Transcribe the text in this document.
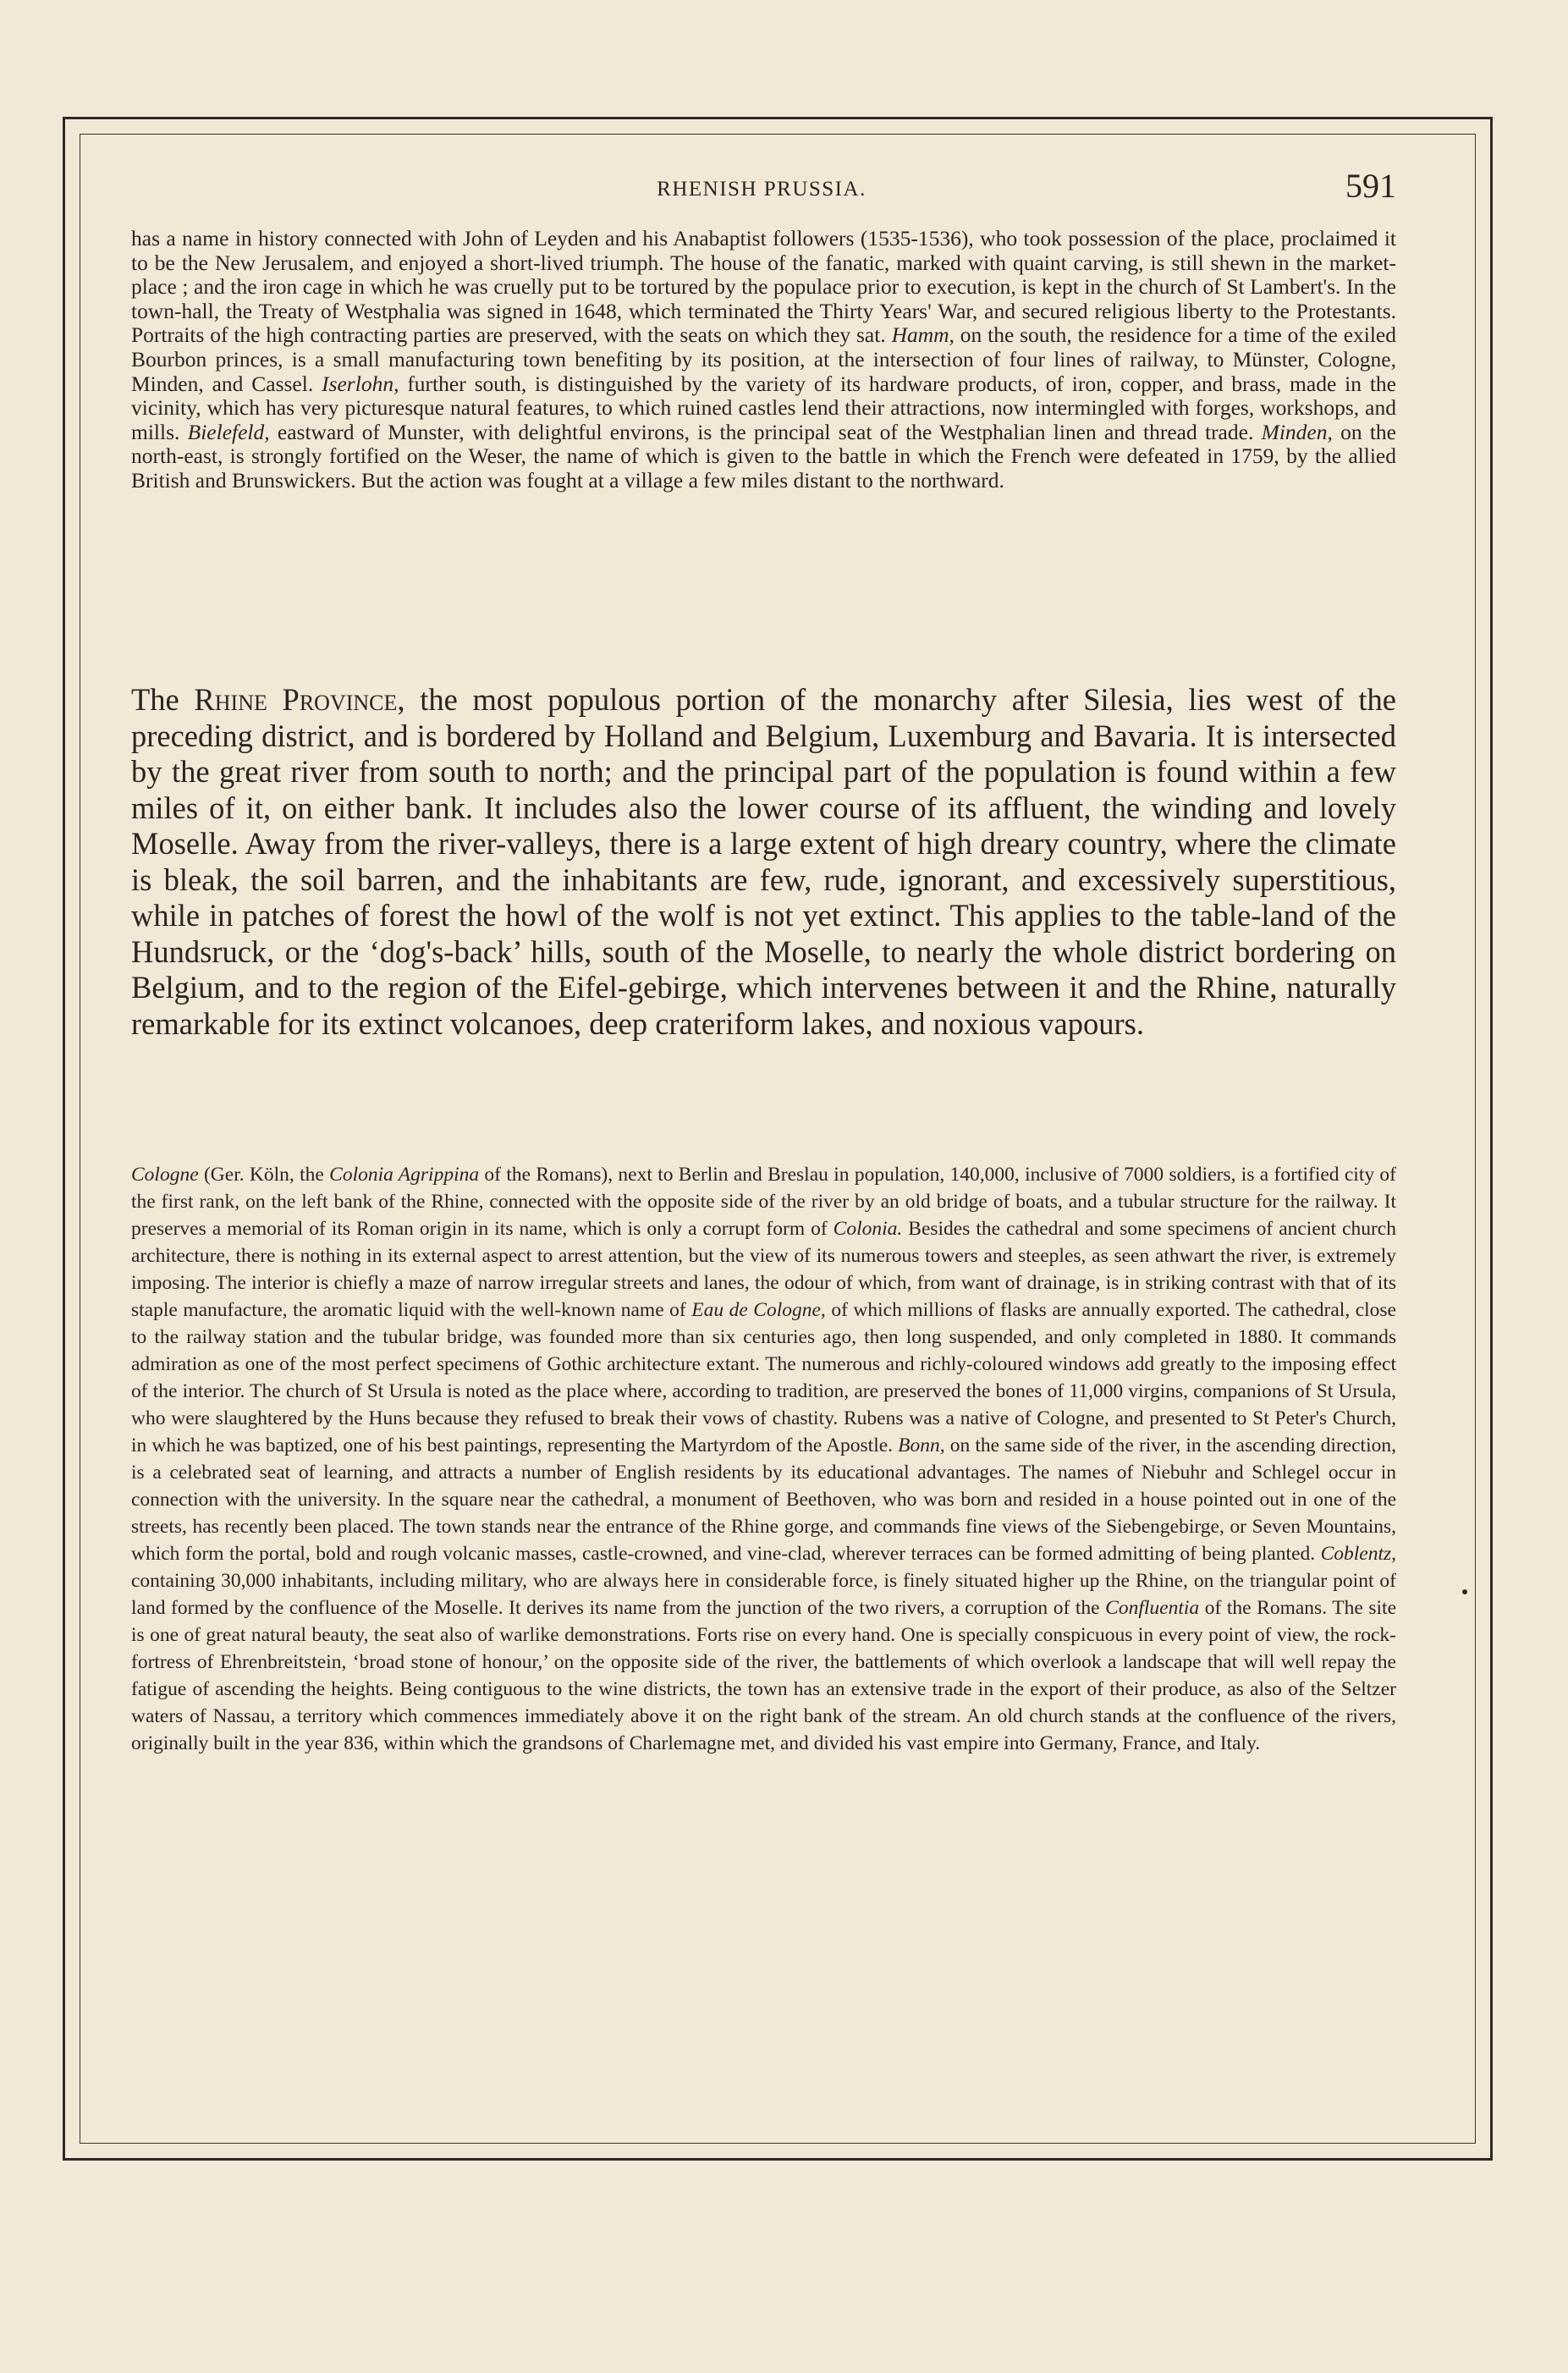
RHENISH PRUSSIA.	591
has a name in history connected with John of Leyden and his Anabaptist followers (1535-1536), who took possession of the place, proclaimed it to be the New Jerusalem, and enjoyed a short-lived triumph. The house of the fanatic, marked with quaint carving, is still shewn in the market-place ; and the iron cage in which he was cruelly put to be tortured by the populace prior to execution, is kept in the church of St Lambert's. In the town-hall, the Treaty of Westphalia was signed in 1648, which terminated the Thirty Years' War, and secured religious liberty to the Protestants. Portraits of the high contracting parties are preserved, with the seats on which they sat. Hamm, on the south, the residence for a time of the exiled Bourbon princes, is a small manufacturing town benefiting by its position, at the intersection of four lines of railway, to Münster, Cologne, Minden, and Cassel. Iserlohn, further south, is distinguished by the variety of its hardware products, of iron, copper, and brass, made in the vicinity, which has very picturesque natural features, to which ruined castles lend their attractions, now intermingled with forges, workshops, and mills. Bielefeld, eastward of Munster, with delightful environs, is the principal seat of the Westphalian linen and thread trade. Minden, on the north-east, is strongly fortified on the Weser, the name of which is given to the battle in which the French were defeated in 1759, by the allied British and Brunswickers. But the action was fought at a village a few miles distant to the northward.
The Rhine Province, the most populous portion of the monarchy after Silesia, lies west of the preceding district, and is bordered by Holland and Belgium, Luxemburg and Bavaria. It is intersected by the great river from south to north; and the principal part of the population is found within a few miles of it, on either bank. It includes also the lower course of its affluent, the winding and lovely Moselle. Away from the river-valleys, there is a large extent of high dreary country, where the climate is bleak, the soil barren, and the inhabitants are few, rude, ignorant, and excessively superstitious, while in patches of forest the howl of the wolf is not yet extinct. This applies to the table-land of the Hundsruck, or the ‘dog's-back’ hills, south of the Moselle, to nearly the whole district bordering on Belgium, and to the region of the Eifel-gebirge, which intervenes between it and the Rhine, naturally remarkable for its extinct volcanoes, deep crateriform lakes, and noxious vapours.
Cologne (Ger. Köln, the Colonia Agrippina of the Romans), next to Berlin and Breslau in population, 140,000, inclusive of 7000 soldiers, is a fortified city of the first rank, on the left bank of the Rhine, connected with the opposite side of the river by an old bridge of boats, and a tubular structure for the railway. It preserves a memorial of its Roman origin in its name, which is only a corrupt form of Colonia. Besides the cathedral and some specimens of ancient church architecture, there is nothing in its external aspect to arrest attention, but the view of its numerous towers and steeples, as seen athwart the river, is extremely imposing. The interior is chiefly a maze of narrow irregular streets and lanes, the odour of which, from want of drainage, is in striking contrast with that of its staple manufacture, the aromatic liquid with the well-known name of Eau de Cologne, of which millions of flasks are annually exported. The cathedral, close to the railway station and the tubular bridge, was founded more than six centuries ago, then long suspended, and only completed in 1880. It commands admiration as one of the most perfect specimens of Gothic architecture extant. The numerous and richly-coloured windows add greatly to the imposing effect of the interior. The church of St Ursula is noted as the place where, according to tradition, are preserved the bones of 11,000 virgins, companions of St Ursula, who were slaughtered by the Huns because they refused to break their vows of chastity. Rubens was a native of Cologne, and presented to St Peter's Church, in which he was baptized, one of his best paintings, representing the Martyrdom of the Apostle. Bonn, on the same side of the river, in the ascending direction, is a celebrated seat of learning, and attracts a number of English residents by its educational advantages. The names of Niebuhr and Schlegel occur in connection with the university. In the square near the cathedral, a monument of Beethoven, who was born and resided in a house pointed out in one of the streets, has recently been placed. The town stands near the entrance of the Rhine gorge, and commands fine views of the Siebengebirge, or Seven Mountains, which form the portal, bold and rough volcanic masses, castle-crowned, and vine-clad, wherever terraces can be formed admitting of being planted. Coblentz, containing 30,000 inhabitants, including military, who are always here in considerable force, is finely situated higher up the Rhine, on the triangular point of land formed by the confluence of the Moselle. It derives its name from the junction of the two rivers, a corruption of the Confluentia of the Romans. The site is one of great natural beauty, the seat also of warlike demonstrations. Forts rise on every hand. One is specially conspicuous in every point of view, the rock-fortress of Ehrenbreitstein, ‘broad stone of honour,’ on the opposite side of the river, the battlements of which overlook a landscape that will well repay the fatigue of ascending the heights. Being contiguous to the wine districts, the town has an extensive trade in the export of their produce, as also of the Seltzer waters of Nassau, a territory which commences immediately above it on the right bank of the stream. An old church stands at the confluence of the rivers, originally built in the year 836, within which the grandsons of Charlemagne met, and divided his vast empire into Germany, France, and Italy.
